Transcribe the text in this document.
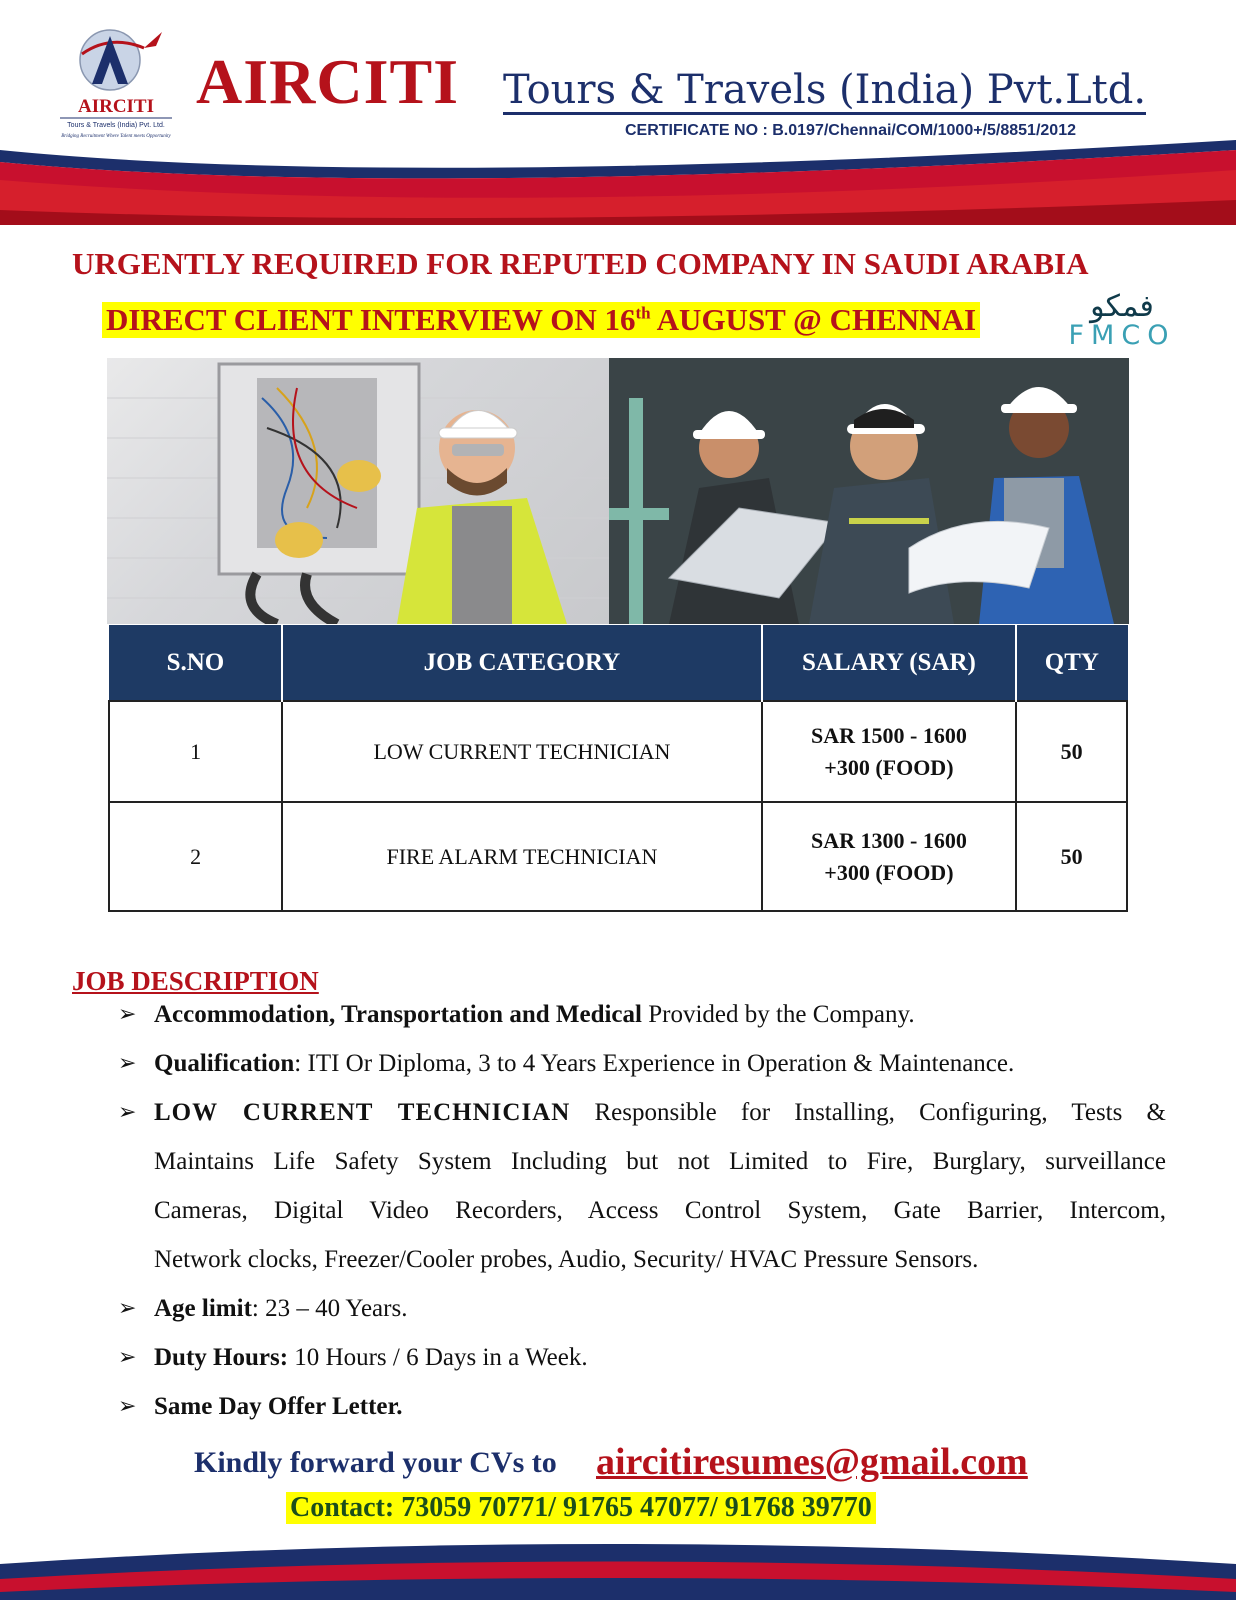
AIRCITI
Tours & Travels (India) Pvt. Ltd.
Bridging Recruitment Where Talent meets Opportunity
AIRCITI Tours & Travels (India) Pvt.Ltd.
CERTIFICATE NO : B.0197/Chennai/COM/1000+/5/8851/2012
URGENTLY REQUIRED FOR REPUTED COMPANY IN SAUDI ARABIA
DIRECT CLIENT INTERVIEW ON 16th AUGUST @ CHENNAI	فمكو
FMCO
S.NO	JOB CATEGORY	SALARY (SAR)	QTY
1	LOW CURRENT TECHNICIAN	SAR 1500 - 1600
+300 (FOOD)	50
2	FIRE ALARM TECHNICIAN	SAR 1300 - 1600
+300 (FOOD)	50
JOB DESCRIPTION
➢ Accommodation, Transportation and Medical Provided by the Company.
➢ Qualification: ITI Or Diploma, 3 to 4 Years Experience in Operation & Maintenance.
➢ LOW CURRENT TECHNICIAN Responsible for Installing, Configuring, Tests &
Maintains Life Safety System Including but not Limited to Fire, Burglary, surveillance
Cameras, Digital Video Recorders, Access Control System, Gate Barrier, Intercom,
Network clocks, Freezer/Cooler probes, Audio, Security/ HVAC Pressure Sensors.
➢ Age limit: 23 – 40 Years.
➢ Duty Hours: 10 Hours / 6 Days in a Week.
➢ Same Day Offer Letter.
Kindly forward your CVs to aircitiresumes@gmail.com
Contact: 73059 70771/ 91765 47077/ 91768 39770
